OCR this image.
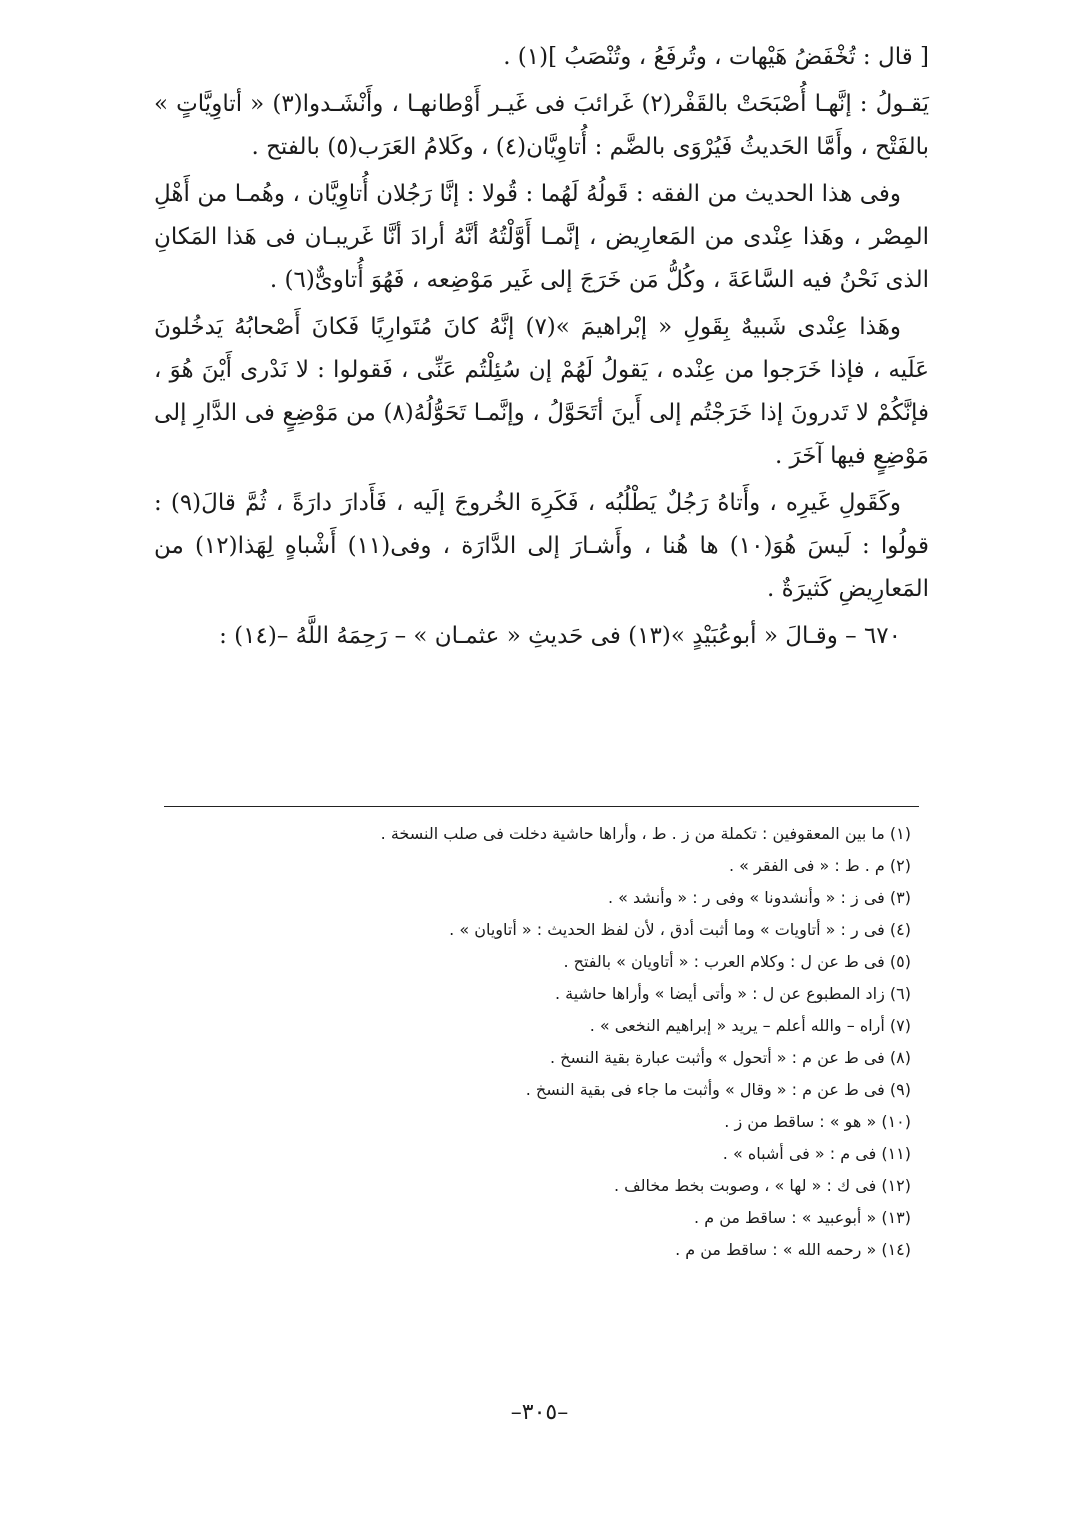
[ قال : تُخْفَضُ هَيْهات ، وتُرفَعُ ، وتُنْصَبُ ](١) .

يَقـولُ : إنَّهـا أُصْبَحَتْ بالقَفْر(٢) غَرائبَ فى غَيـر أَوْطانهـا ، وأَنْشَـدوا(٣) « أتاوِيَّاتٍ » بالفَتْح ، وأَمَّا الحَديثُ فَيُرْوَى بالضَّم : أُتاوِيَّان(٤) ، وكَلامُ العَرَب(٥) بالفتح .

وفى هذا الحديث من الفقه : قَولُهُ لَهُما : قُولا : إنَّا رَجُلان أُتاوِيَّان ، وهُمـا من أَهْلِ المِصْر ، وهَذا عِنْدى من المَعارِيض ، إنَّمـا أَوَّلْتُهُ أنَّهُ أرادَ أنَّا غَريبـان فى هَذا المَكانِ الذى نَحْنُ فيه السَّاعَةَ ، وكُلُّ مَن خَرَجَ إلى غَير مَوْضِعه ، فَهُوَ أُتاوىٌّ(٦) .

وهَذا عِنْدى شَبيهٌ بِقَولِ « إبْراهيمَ »(٧) إنَّهُ كانَ مُتَوارِيًا فَكانَ أَصْحابُهُ يَدخُلونَ عَلَيه ، فإذا خَرَجوا من عِنْده ، يَقولُ لَهُمْ إن سُئِلْتُم عَنِّى ، فَقولوا : لا نَدْرى أَيْنَ هُوَ ، فإنَّكُمْ لا تَدرونَ إذا خَرَجْتُم إلى أَينَ أتَحَوَّلُ ، وإنَّمـا تَحَوُّلُهُ(٨) من مَوْضِعٍ فى الدَّارِ إلى مَوْضِعٍ فيها آخَرَ .

وكَقَولِ غَيرِه ، وأَتاهُ رَجُلٌ يَطْلُبُه ، فَكَرِهَ الخُروجَ إلَيه ، فَأَدارَ دارَةً ، ثُمَّ قالَ(٩) : قولُوا : لَيسَ هُوَ(١٠) ها هُنا ، وأَشـارَ إلى الدَّارَة ، وفى(١١) أَشْباهٍ لِهَذا(١٢) من المَعارِيضِ كَثيرَةٌ .

٦٧٠ – وقـالَ « أبوعُبَيْدٍ »(١٣) فى حَديثِ « عثمـان » – رَحِمَهُ اللَّهُ –(١٤) :

(١) ما بين المعقوفين : تكملة من ز . ط ، وأراها حاشية دخلت فى صلب النسخة .
(٢) م . ط : « فى الفقر » .
(٣) فى ز : « وأنشدونا » وفى ر : « وأنشد » .
(٤) فى ر : « أتاويات » وما أثبت أدق ، لأن لفظ الحديث : « أتاويان » .
(٥) فى ط عن ل : وكلام العرب : « أتاويان » بالفتح .
(٦) زاد المطبوع عن ل : « وأتى أيضا » وأراها حاشية .
(٧) أراه – والله أعلم – يريد « إبراهيم النخعى » .
(٨) فى ط عن م : « أتحول » وأثبت عبارة بقية النسخ .
(٩) فى ط عن م : « وقال » وأثبت ما جاء فى بقية النسخ .
(١٠) « هو » : ساقط من ز .
(١١) فى م : « فى أشباه » .
(١٢) فى ك : « لها » ، وصوبت بخط مخالف .
(١٣) « أبوعبيد » : ساقط من م .
(١٤) « رحمه الله » : ساقط من م .
–٣٠٥–
